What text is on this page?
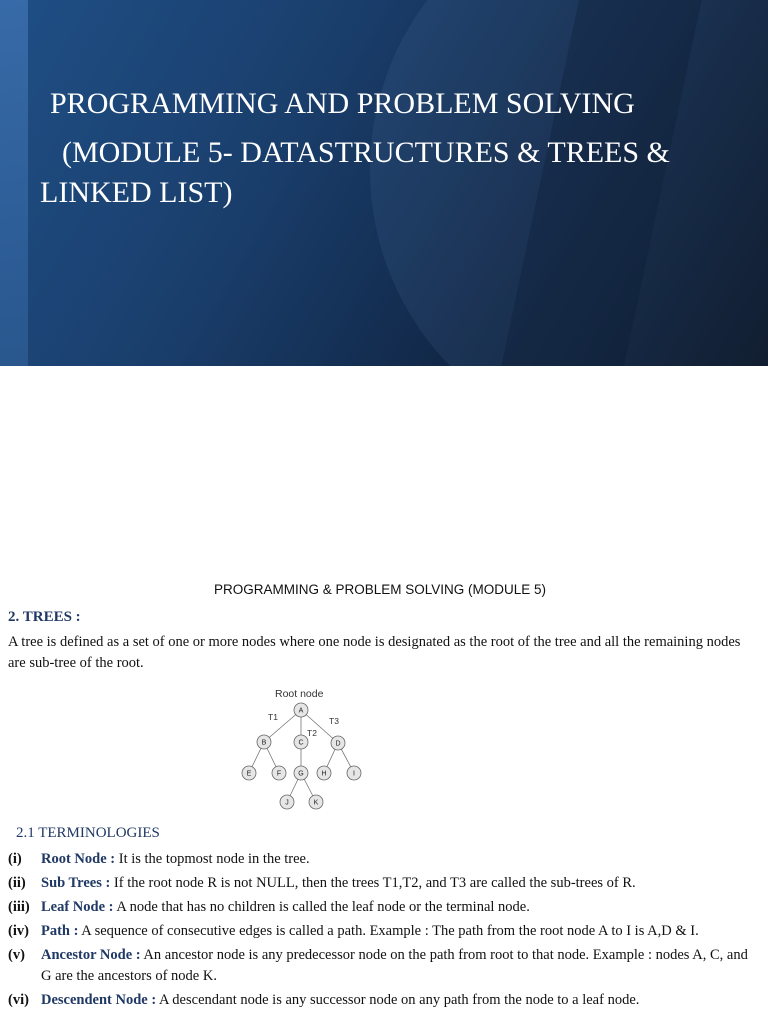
PROGRAMMING AND PROBLEM SOLVING
(MODULE 5- DATASTRUCTURES & TREES &
LINKED LIST)
PROGRAMMING & PROBLEM SOLVING (MODULE 5)
2. TREES :

A tree is defined as a set of one or more nodes where one node is designated as the root of the tree and all the remaining nodes are sub-tree of the root.

Root node
T1
T2
T3
A
B	C	D
E	F G	H	I
J	K
2.1 TERMINOLOGIES
(i)	Root Node : It is the topmost node in the tree.
(ii)	Sub Trees : If the root node R is not NULL, then the trees T1,T2, and T3 are called the sub-trees of R.
(iii) Leaf Node : A node that has no children is called the leaf node or the terminal node.
(iv) Path : A sequence of consecutive edges is called a path. Example : The path from the root node A to I is A,D & I.
(v)	Ancestor Node : An ancestor node is any predecessor node on the path from root to that node. Example : nodes A, C, and G are the ancestors of node K.
(vi) Descendent Node : A descendant node is any successor node on any path from the node to a leaf node.
